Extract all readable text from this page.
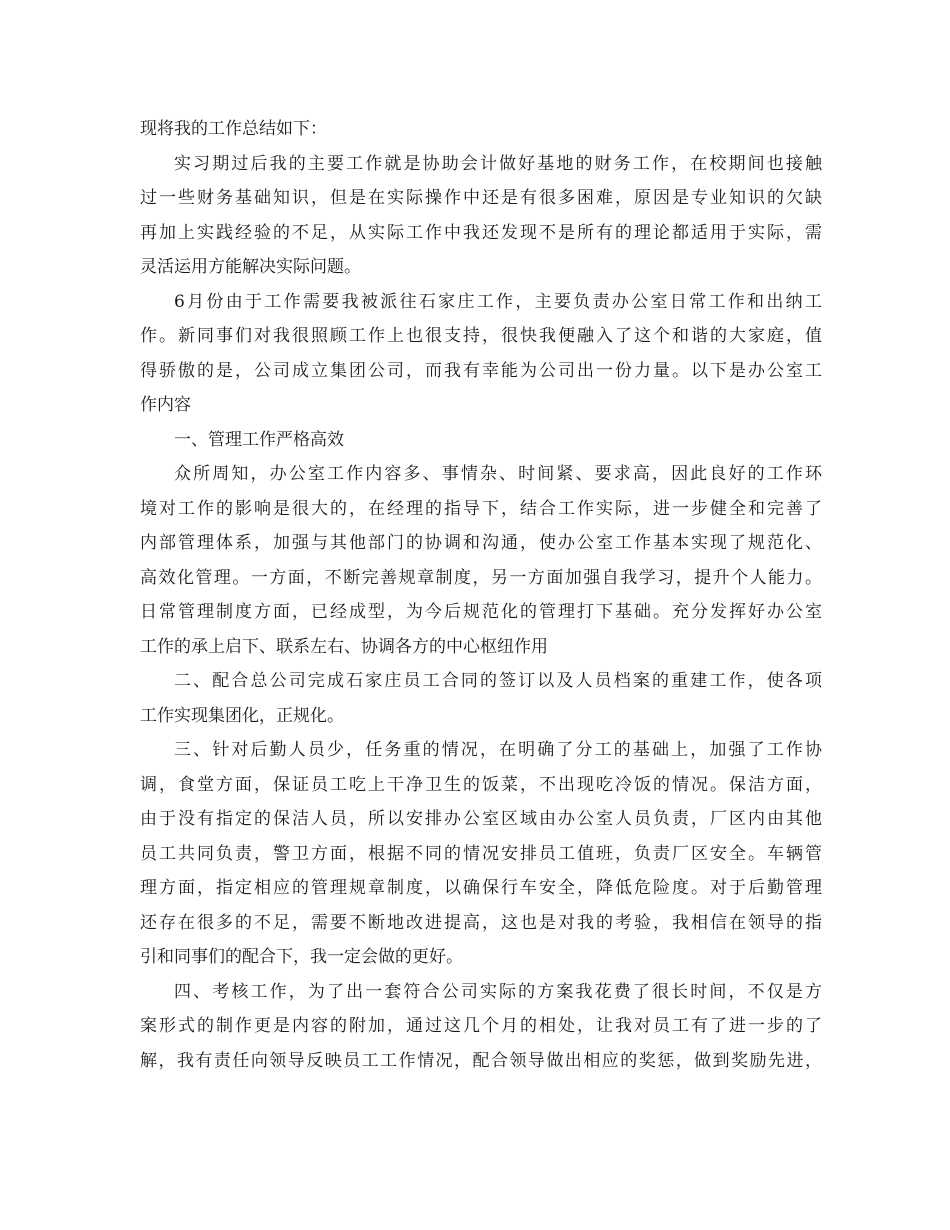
现将我的工作总结如下：
实习期过后我的主要工作就是协助会计做好基地的财务工作，在校期间也接触
过一些财务基础知识，但是在实际操作中还是有很多困难，原因是专业知识的欠缺
再加上实践经验的不足，从实际工作中我还发现不是所有的理论都适用于实际，需
灵活运用方能解决实际问题。
6月份由于工作需要我被派往石家庄工作，主要负责办公室日常工作和出纳工
作。新同事们对我很照顾工作上也很支持，很快我便融入了这个和谐的大家庭，值
得骄傲的是，公司成立集团公司，而我有幸能为公司出一份力量。以下是办公室工
作内容
一、管理工作严格高效
众所周知，办公室工作内容多、事情杂、时间紧、要求高，因此良好的工作环
境对工作的影响是很大的，在经理的指导下，结合工作实际，进一步健全和完善了
内部管理体系，加强与其他部门的协调和沟通，使办公室工作基本实现了规范化、
高效化管理。一方面，不断完善规章制度，另一方面加强自我学习，提升个人能力。
日常管理制度方面，已经成型，为今后规范化的管理打下基础。充分发挥好办公室
工作的承上启下、联系左右、协调各方的中心枢纽作用
二、配合总公司完成石家庄员工合同的签订以及人员档案的重建工作，使各项
工作实现集团化，正规化。
三、针对后勤人员少，任务重的情况，在明确了分工的基础上，加强了工作协
调，食堂方面，保证员工吃上干净卫生的饭菜，不出现吃冷饭的情况。保洁方面，
由于没有指定的保洁人员，所以安排办公室区域由办公室人员负责，厂区内由其他
员工共同负责，警卫方面，根据不同的情况安排员工值班，负责厂区安全。车辆管
理方面，指定相应的管理规章制度，以确保行车安全，降低危险度。对于后勤管理
还存在很多的不足，需要不断地改进提高，这也是对我的考验，我相信在领导的指
引和同事们的配合下，我一定会做的更好。
四、考核工作，为了出一套符合公司实际的方案我花费了很长时间，不仅是方
案形式的制作更是内容的附加，通过这几个月的相处，让我对员工有了进一步的了
解，我有责任向领导反映员工工作情况，配合领导做出相应的奖惩，做到奖励先进，
